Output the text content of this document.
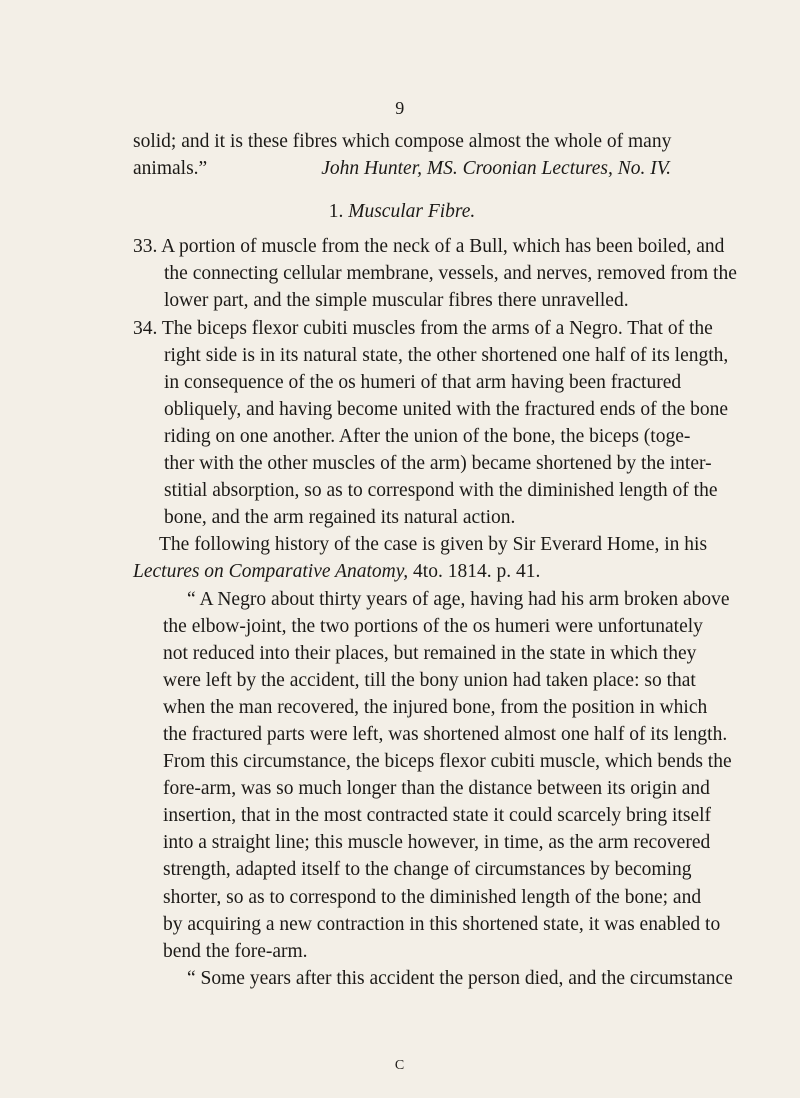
9
solid; and it is these fibres which compose almost the whole of many
animals.”	John Hunter, MS. Croonian Lectures, No. IV.
1. Muscular Fibre.
33. A portion of muscle from the neck of a Bull, which has been boiled, and
the connecting cellular membrane, vessels, and nerves, removed from the
lower part, and the simple muscular fibres there unravelled.
34. The biceps flexor cubiti muscles from the arms of a Negro. That of the
right side is in its natural state, the other shortened one half of its length,
in consequence of the os humeri of that arm having been fractured
obliquely, and having become united with the fractured ends of the bone
riding on one another. After the union of the bone, the biceps (toge-
ther with the other muscles of the arm) became shortened by the inter-
stitial absorption, so as to correspond with the diminished length of the
bone, and the arm regained its natural action.
The following history of the case is given by Sir Everard Home, in his
Lectures on Comparative Anatomy, 4to. 1814. p. 41.
“ A Negro about thirty years of age, having had his arm broken above
the elbow-joint, the two portions of the os humeri were unfortunately
not reduced into their places, but remained in the state in which they
were left by the accident, till the bony union had taken place: so that
when the man recovered, the injured bone, from the position in which
the fractured parts were left, was shortened almost one half of its length.
From this circumstance, the biceps flexor cubiti muscle, which bends the
fore-arm, was so much longer than the distance between its origin and
insertion, that in the most contracted state it could scarcely bring itself
into a straight line; this muscle however, in time, as the arm recovered
strength, adapted itself to the change of circumstances by becoming
shorter, so as to correspond to the diminished length of the bone; and
by acquiring a new contraction in this shortened state, it was enabled to
bend the fore-arm.
“ Some years after this accident the person died, and the circumstance
C
